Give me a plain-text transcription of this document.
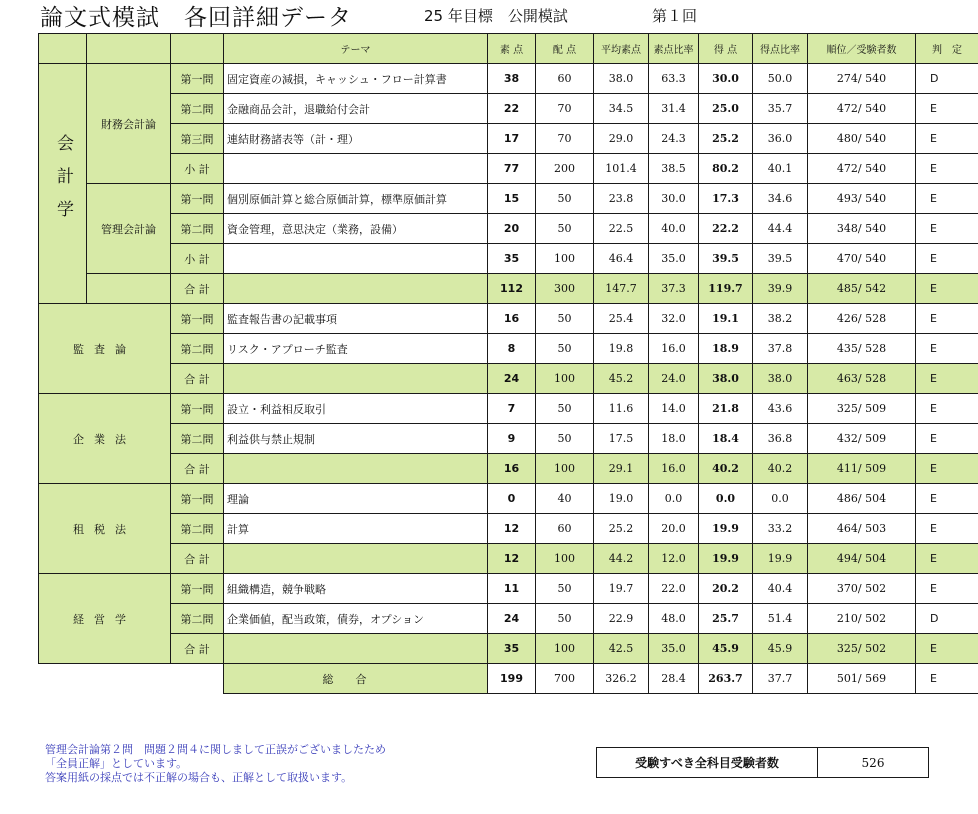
論文式模試　各回詳細データ	25 年目標　公開模試	第１回
			テーマ	素 点	配 点	平均素点	素点比率	得 点	得点比率	順位／受験者数	判　定

会計学	財務会計論	第一問	固定資産の減損，キャッシュ・フロー計算書	38	60	38.0	63.3	30.0	50.0	274/ 540	D
		第二問	金融商品会計，退職給付会計	22	70	34.5	31.4	25.0	35.7	472/ 540	E
		第三問	連結財務諸表等（計・理）	17	70	29.0	24.3	25.2	36.0	480/ 540	E
		小 計		77	200	101.4	38.5	80.2	40.1	472/ 540	E
	管理会計論	第一問	個別原価計算と総合原価計算，標準原価計算	15	50	23.8	30.0	17.3	34.6	493/ 540	E
		第二問	資金管理，意思決定（業務，設備）	20	50	22.5	40.0	22.2	44.4	348/ 540	E
		小 計		35	100	46.4	35.0	39.5	39.5	470/ 540	E
		合 計		112	300	147.7	37.3	119.7	39.9	485/ 542	E
監査論		第一問	監査報告書の記載事項	16	50	25.4	32.0	19.1	38.2	426/ 528	E
		第二問	リスク・アプローチ監査	8	50	19.8	16.0	18.9	37.8	435/ 528	E
		合 計		24	100	45.2	24.0	38.0	38.0	463/ 528	E
企業法		第一問	設立・利益相反取引	7	50	11.6	14.0	21.8	43.6	325/ 509	E
		第二問	利益供与禁止規制	9	50	17.5	18.0	18.4	36.8	432/ 509	E
		合 計		16	100	29.1	16.0	40.2	40.2	411/ 509	E
租税法		第一問	理論	0	40	19.0	0.0	0.0	0.0	486/ 504	E
		第二問	計算	12	60	25.2	20.0	19.9	33.2	464/ 503	E
		合 計		12	100	44.2	12.0	19.9	19.9	494/ 504	E
経営学		第一問	組織構造，競争戦略	11	50	19.7	22.0	20.2	40.4	370/ 502	E
		第二問	企業価値，配当政策，債券，オプション	24	50	22.9	48.0	25.7	51.4	210/ 502	D
		合 計		35	100	42.5	35.0	45.9	45.9	325/ 502	E
			総合	199	700	326.2	28.4	263.7	37.7	501/ 569	E
管理会計論第２問　問題２問４に関しまして正誤がございましたため
「全員正解」としています。
答案用紙の採点では不正解の場合も、正解として取扱います。
受験すべき全科目受験者数	526
